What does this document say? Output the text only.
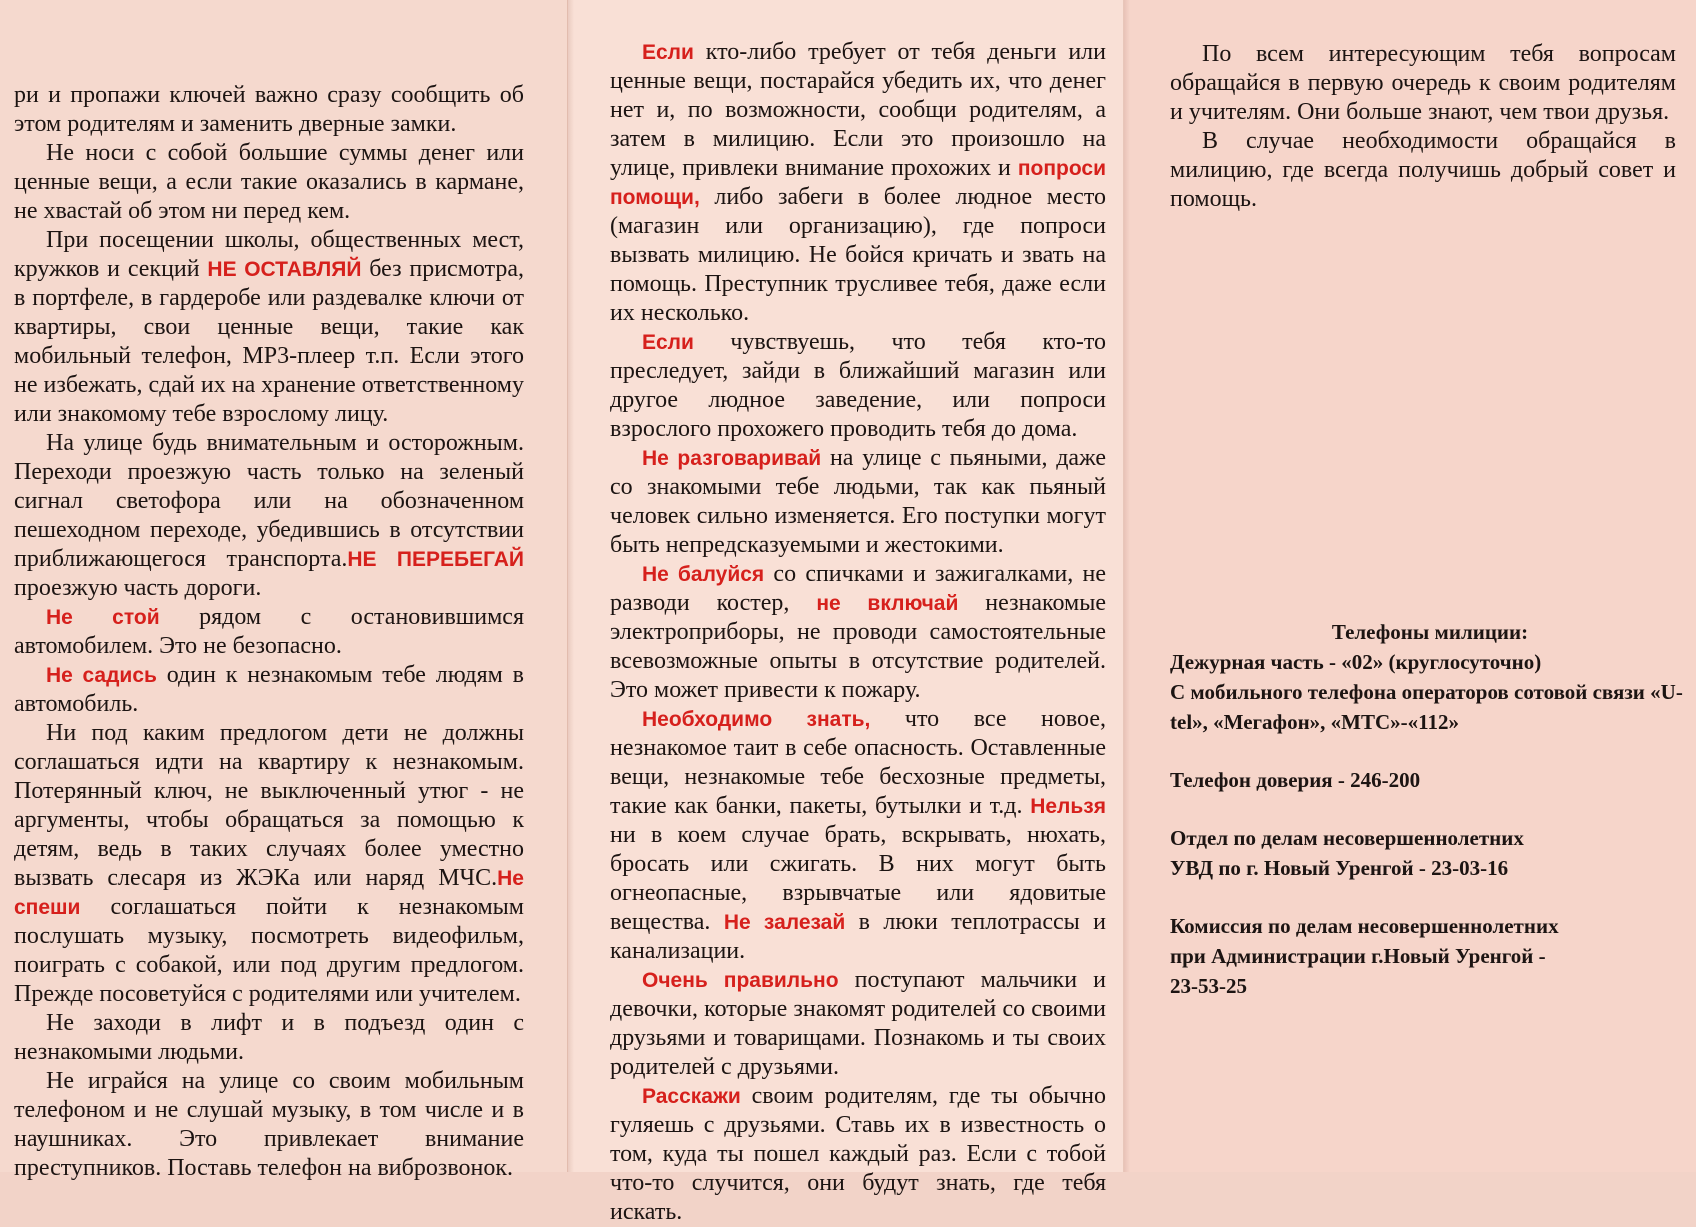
ри и пропажи ключей важно сразу сообщить об этом родителям и заменить дверные замки.

Не носи с собой большие суммы денег или ценные вещи, а если такие оказались в кармане, не хвастай об этом ни перед кем.

При посещении школы, общественных мест, кружков и секций НЕ ОСТАВЛЯЙ без присмотра, в портфеле, в гардеробе или раздевалке ключи от квартиры, свои ценные вещи, такие как мобильный телефон, MP3-плеер т.п. Если этого не избежать, сдай их на хранение ответственному или знакомому тебе взрослому лицу.

На улице будь внимательным и осторожным. Переходи проезжую часть только на зеленый сигнал светофора или на обозначенном пешеходном переходе, убедившись в отсутствии приближающегося транспорта.НЕ ПЕРЕБЕГАЙ проезжую часть дороги.

Не стой рядом с остановившимся автомобилем. Это не безопасно.

Не садись один к незнакомым тебе людям в автомобиль.

Ни под каким предлогом дети не должны соглашаться идти на квартиру к незнакомым. Потерянный ключ, не выключенный утюг - не аргументы, чтобы обращаться за помощью к детям, ведь в таких случаях более уместно вызвать слесаря из ЖЭКа или наряд МЧС.Не спеши соглашаться пойти к незнакомым послушать музыку, посмотреть видеофильм, поиграть с собакой, или под другим предлогом. Прежде посоветуйся с родителями или учителем.

Не заходи в лифт и в подъезд один с незнакомыми людьми.

Не играйся на улице со своим мобильным телефоном и не слушай музыку, в том числе и в наушниках. Это привлекает внимание преступников. Поставь телефон на виброзвонок.

Если кто-либо требует от тебя деньги или ценные вещи, постарайся убедить их, что денег нет и, по возможности, сообщи родителям, а затем в милицию. Если это произошло на улице, привлеки внимание прохожих и попроси помощи, либо забеги в более людное место (магазин или организацию), где попроси вызвать милицию. Не бойся кричать и звать на помощь. Преступник трусливее тебя, даже если их несколько.

Если чувствуешь, что тебя кто-то преследует, зайди в ближайший магазин или другое людное заведение, или попроси взрослого прохожего проводить тебя до дома.

Не разговаривай на улице с пьяными, даже со знакомыми тебе людьми, так как пьяный человек сильно изменяется. Его поступки могут быть непредсказуемыми и жестокими.

Не балуйся со спичками и зажигалками, не разводи костер, не включай незнакомые электроприборы, не проводи самостоятельные всевозможные опыты в отсутствие родителей. Это может привести к пожару.

Необходимо знать, что все новое, незнакомое таит в себе опасность. Оставленные вещи, незнакомые тебе бесхозные предметы, такие как банки, пакеты, бутылки и т.д. Нельзя ни в коем случае брать, вскрывать, нюхать, бросать или сжигать. В них могут быть огнеопасные, взрывчатые или ядовитые вещества. Не залезай в люки теплотрассы и канализации.

Очень правильно поступают мальчики и девочки, которые знакомят родителей со своими друзьями и товарищами. Познакомь и ты своих родителей с друзьями.

Расскажи своим родителям, где ты обычно гуляешь с друзьями. Ставь их в известность о том, куда ты пошел каждый раз. Если с тобой что-то случится, они будут знать, где тебя искать.

По всем интересующим тебя вопросам обращайся в первую очередь к своим родителям и учителям. Они больше знают, чем твои друзья.

В случае необходимости обращайся в милицию, где всегда получишь добрый совет и помощь.

Телефоны милиции:
Дежурная часть - «02» (круглосуточно)
С мобильного телефона операторов сотовой связи «U-tel», «Мегафон», «МТС»-«112»
Телефон доверия - 246-200
Отдел по делам несовершеннолетних
УВД по г. Новый Уренгой - 23-03-16
Комиссия по делам несовершеннолетних
при Администрации г.Новый Уренгой -
23-53-25
